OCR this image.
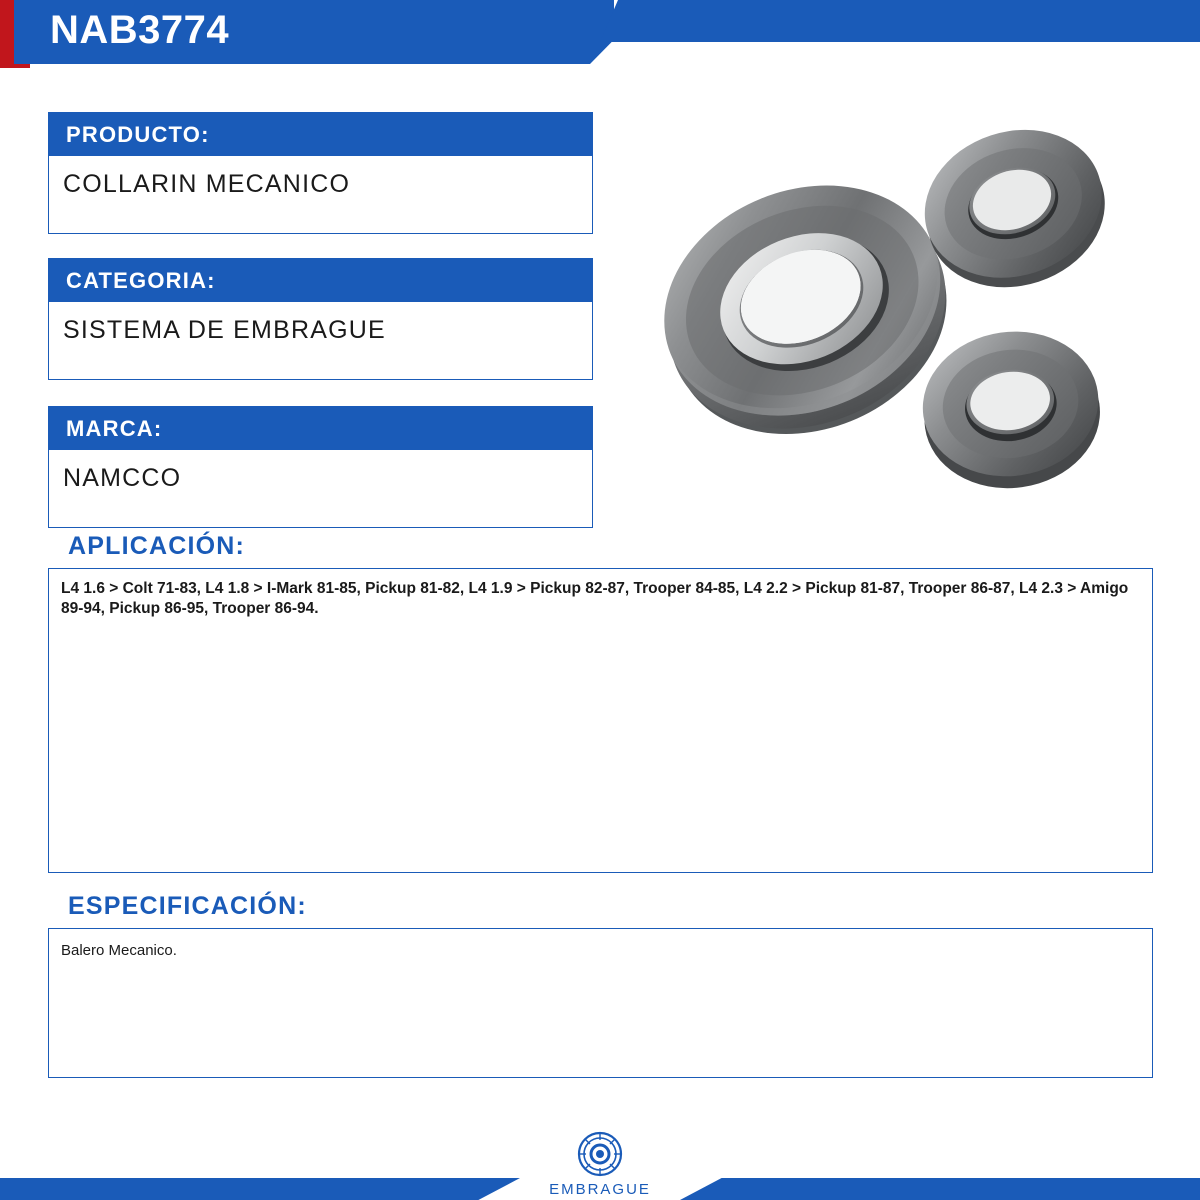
NAB3774
PRODUCTO:
COLLARIN MECANICO
CATEGORIA:
SISTEMA DE EMBRAGUE
MARCA:
NAMCCO
APLICACIÓN:
L4 1.6 > Colt 71-83, L4 1.8 > I-Mark 81-85, Pickup 81-82, L4 1.9 > Pickup 82-87, Trooper 84-85, L4 2.2 > Pickup 81-87, Trooper 86-87, L4 2.3 > Amigo 89-94, Pickup 86-95, Trooper 86-94.
ESPECIFICACIÓN:
Balero Mecanico.
EMBRAGUE
